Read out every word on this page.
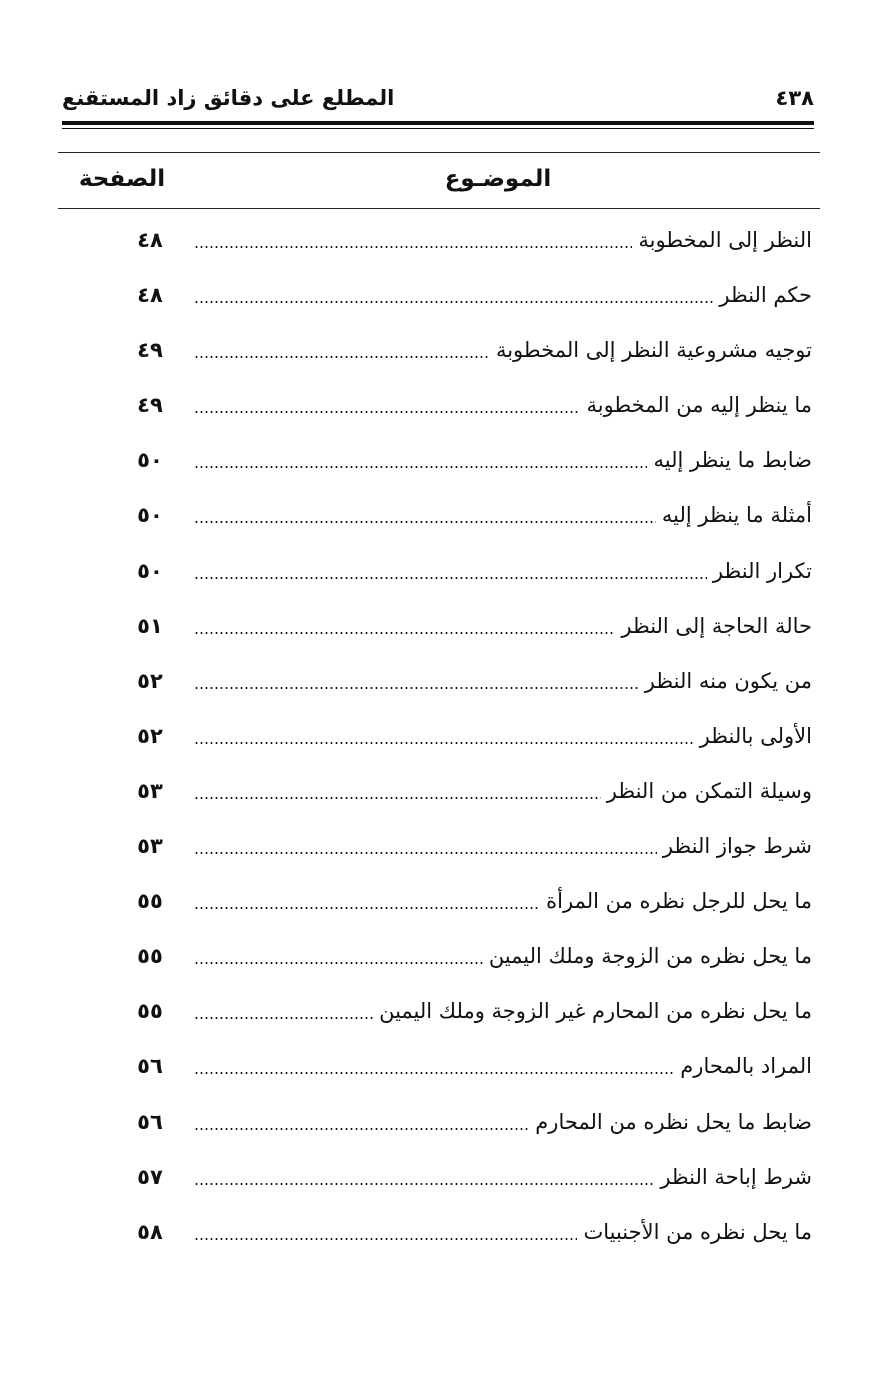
المطلع على دقائق زاد المستقنع	٤٣٨
الموضـوع
الصفحة
النظر إلى المخطوبة
٤٨
حكم النظر
٤٨
توجيه مشروعية النظر إلى المخطوبة
٤٩
ما ينظر إليه من المخطوبة
٤٩
ضابط ما ينظر إليه
٥٠
أمثلة ما ينظر إليه
٥٠
تكرار النظر
٥٠
حالة الحاجة إلى النظر
٥١
من يكون منه النظر
٥٢
الأولى بالنظر
٥٢
وسيلة التمكن من النظر
٥٣
شرط جواز النظر
٥٣
ما يحل للرجل نظره من المرأة
٥٥
ما يحل نظره من الزوجة وملك اليمين
٥٥
ما يحل نظره من المحارم غير الزوجة وملك اليمين
٥٥
المراد بالمحارم
٥٦
ضابط ما يحل نظره من المحارم
٥٦
شرط إباحة النظر
٥٧
ما يحل نظره من الأجنبيات
٥٨
